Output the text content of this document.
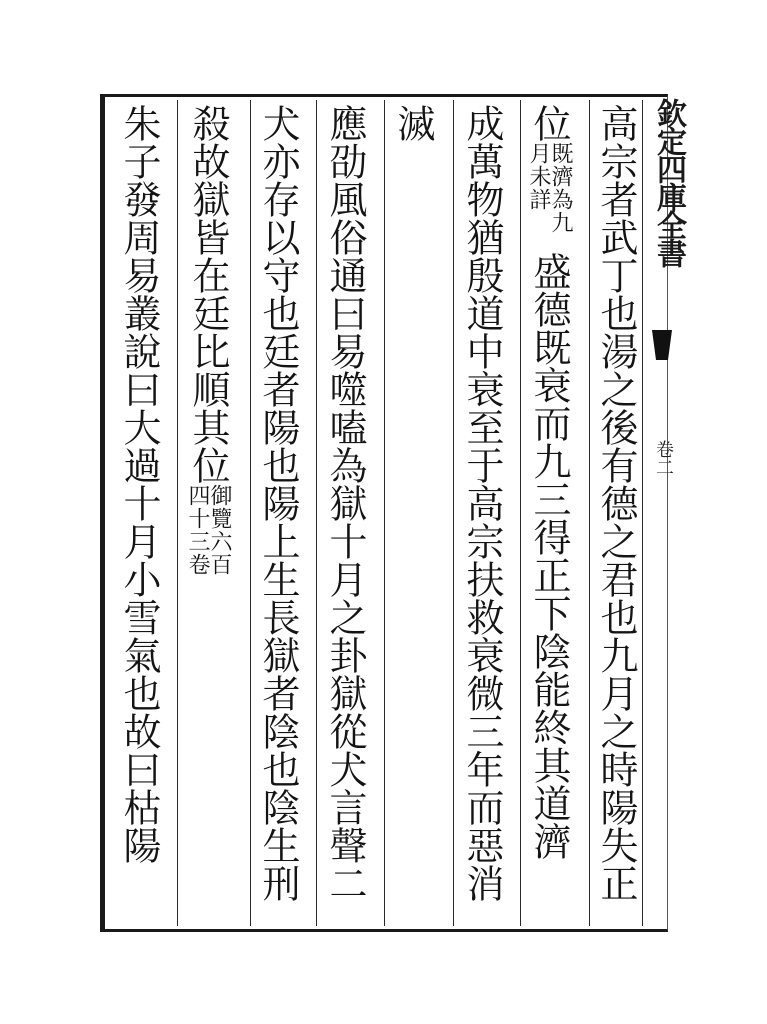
欽定四庫全書
卷二
高宗者武丁也湯之後有德之君也九月之時陽失正
位既濟為九月未詳盛德既衰而九三得正下陰能終其道濟
成萬物猶殷道中衰至于高宗扶救衰微三年而惡消
滅
應劭風俗通曰易噬嗑為獄十月之卦獄從犬言聲二
犬亦存以守也廷者陽也陽上生長獄者陰也陰生刑
殺故獄皆在廷比順其位御覽六百四十三卷
朱子發周易叢說曰大過十月小雪氣也故曰枯陽
